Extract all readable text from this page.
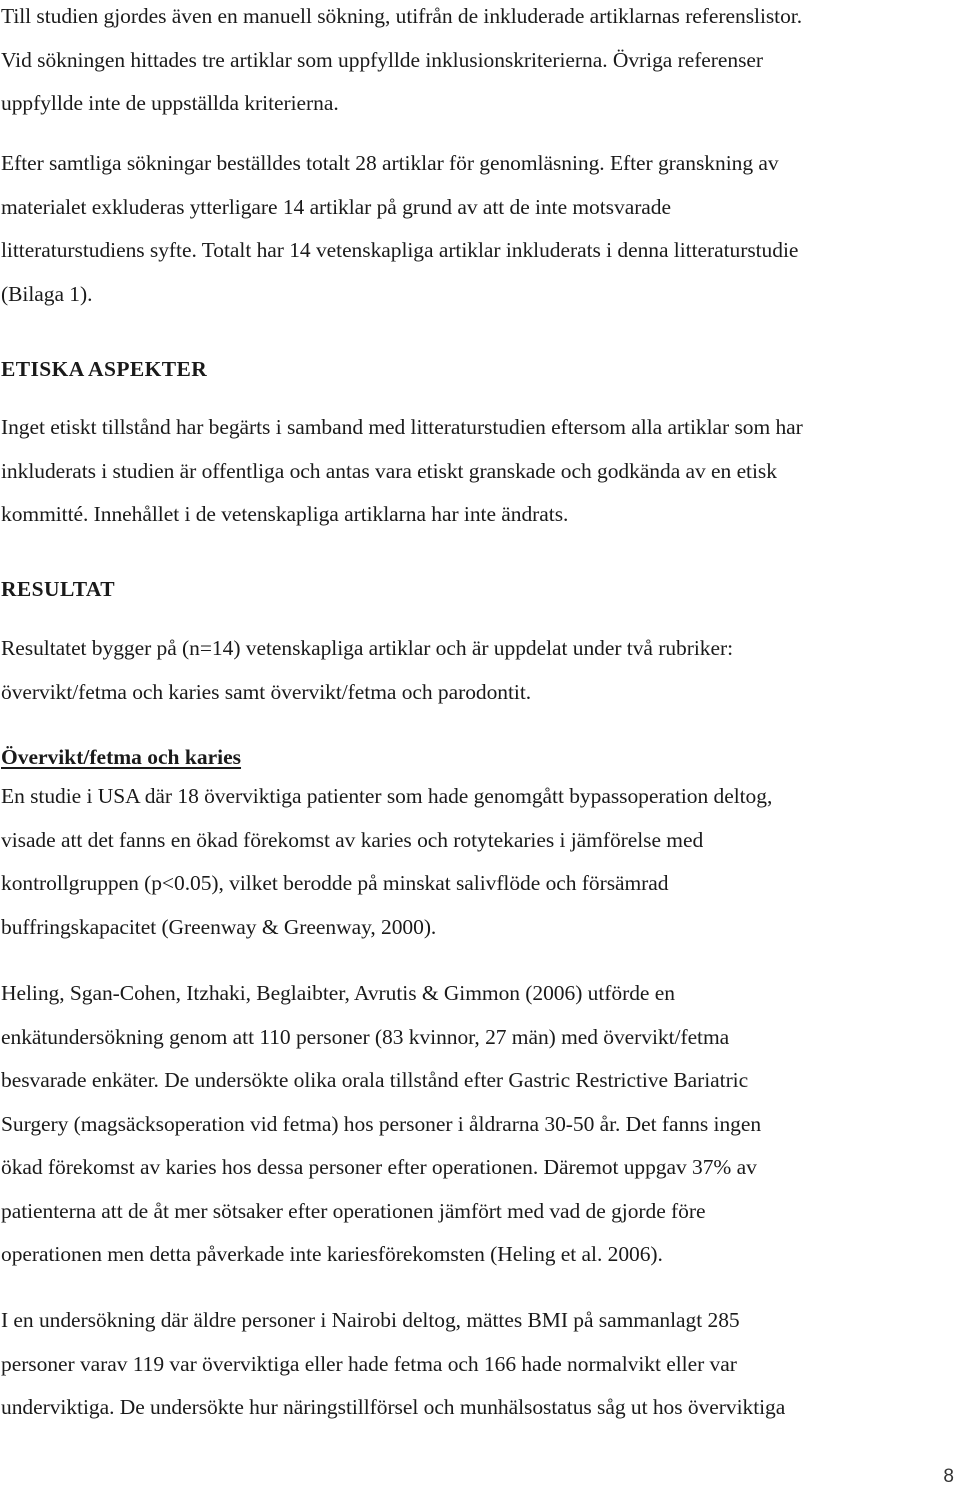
Till studien gjordes även en manuell sökning, utifrån de inkluderade artiklarnas referenslistor.
Vid sökningen hittades tre artiklar som uppfyllde inklusionskriterierna. Övriga referenser
uppfyllde inte de uppställda kriterierna.

Efter samtliga sökningar beställdes totalt 28 artiklar för genomläsning. Efter granskning av
materialet exkluderas ytterligare 14 artiklar på grund av att de inte motsvarade
litteraturstudiens syfte. Totalt har 14 vetenskapliga artiklar inkluderats i denna litteraturstudie
(Bilaga 1).

ETISKA ASPEKTER

Inget etiskt tillstånd har begärts i samband med litteraturstudien eftersom alla artiklar som har
inkluderats i studien är offentliga och antas vara etiskt granskade och godkända av en etisk
kommitté. Innehållet i de vetenskapliga artiklarna har inte ändrats.

RESULTAT

Resultatet bygger på (n=14) vetenskapliga artiklar och är uppdelat under två rubriker:
övervikt/fetma och karies samt övervikt/fetma och parodontit.

Övervikt/fetma och karies

En studie i USA där 18 överviktiga patienter som hade genomgått bypassoperation deltog,
visade att det fanns en ökad förekomst av karies och rotytekaries i jämförelse med
kontrollgruppen (p<0.05), vilket berodde på minskat salivflöde och försämrad
buffringskapacitet (Greenway & Greenway, 2000).

Heling, Sgan-Cohen, Itzhaki, Beglaibter, Avrutis & Gimmon (2006) utförde en
enkätundersökning genom att 110 personer (83 kvinnor, 27 män) med övervikt/fetma
besvarade enkäter. De undersökte olika orala tillstånd efter Gastric Restrictive Bariatric
Surgery (magsäcksoperation vid fetma) hos personer i åldrarna 30-50 år. Det fanns ingen
ökad förekomst av karies hos dessa personer efter operationen. Däremot uppgav 37% av
patienterna att de åt mer sötsaker efter operationen jämfört med vad de gjorde före
operationen men detta påverkade inte kariesförekomsten (Heling et al. 2006).

I en undersökning där äldre personer i Nairobi deltog, mättes BMI på sammanlagt 285
personer varav 119 var överviktiga eller hade fetma och 166 hade normalvikt eller var
underviktiga. De undersökte hur näringstillförsel och munhälsostatus såg ut hos överviktiga

8
